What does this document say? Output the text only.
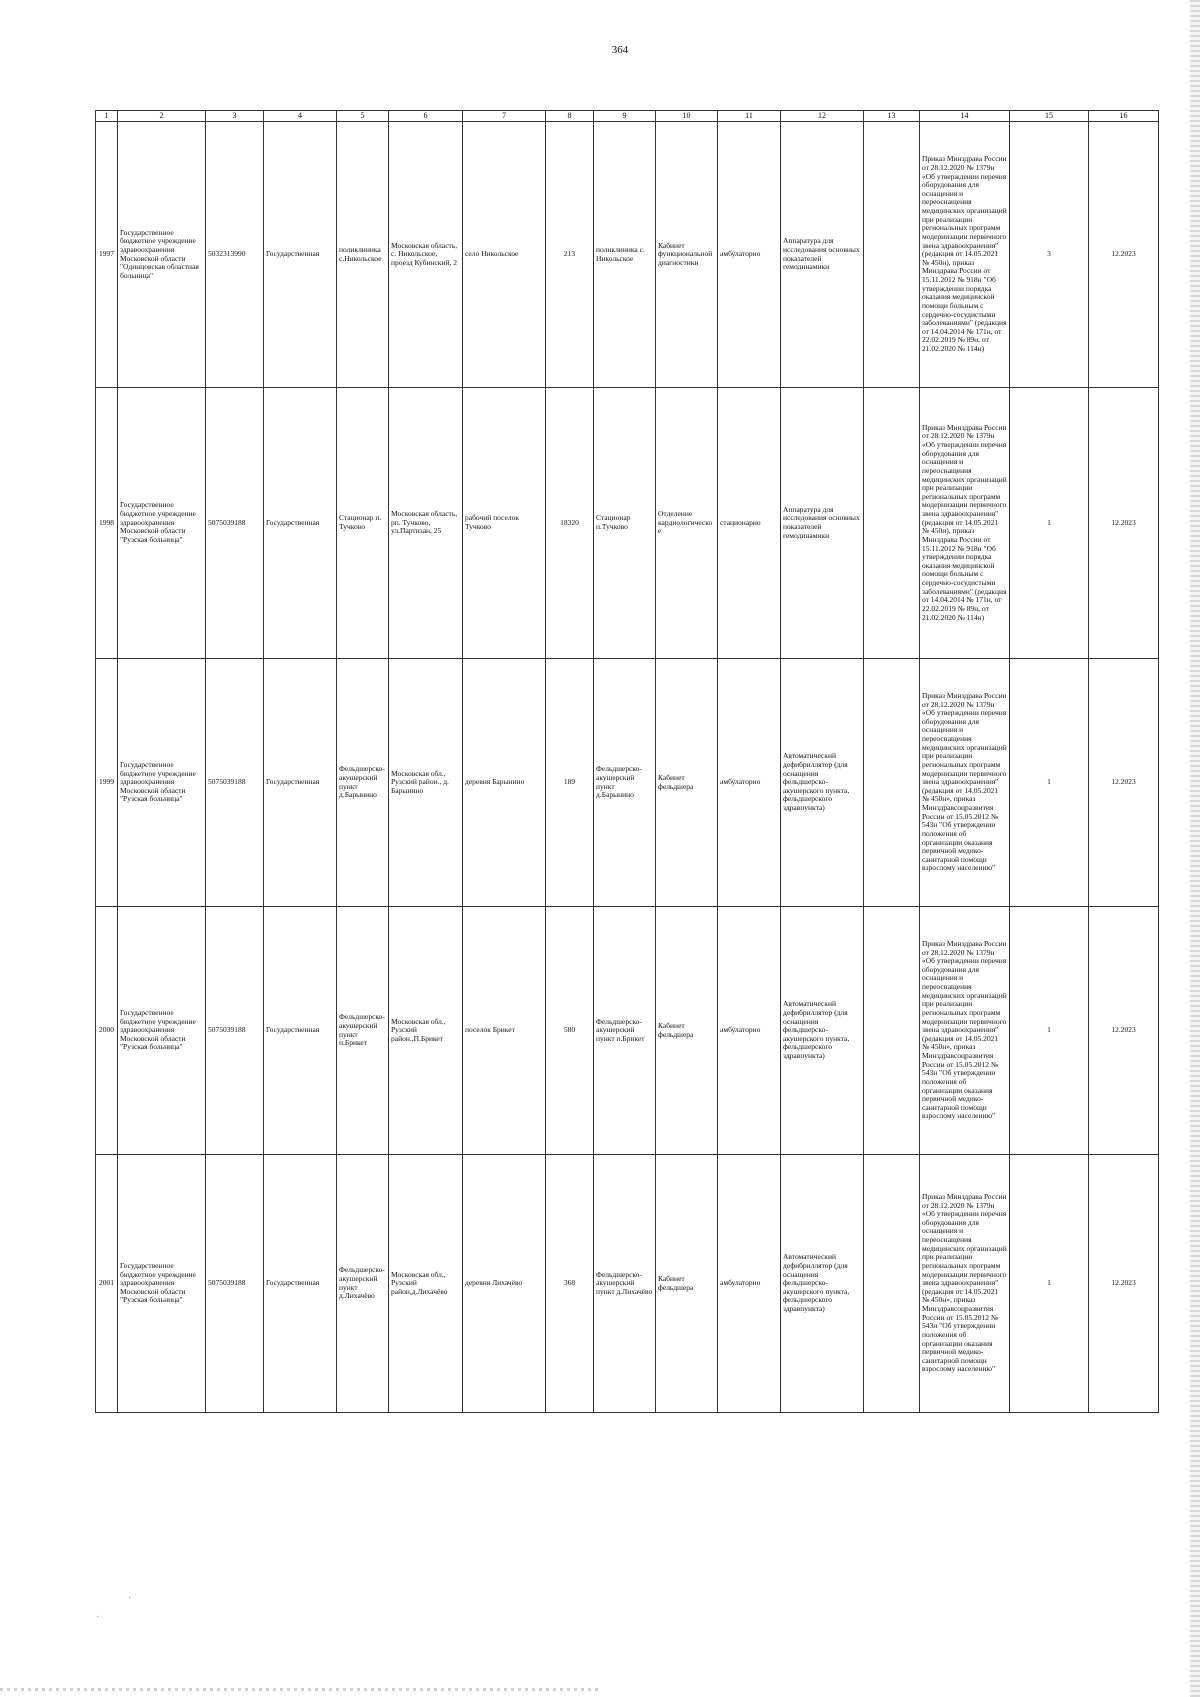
364
1	2	3	4	5	6	7	8	9	10	11	12	13	14	15	16
1997	Государственное бюджетное учреждение здравоохранения Московской области "Одинцовская областная больница"	5032313990	Государственная	поликлиника с.Никольское	Московская область, с. Никольское, проезд Кубинский, 2	село Никольское	213	поликлиника с. Никольское	Кабинет функциональной диагностики	амбулаторно	Аппаратура для исследования основных показателей гемодинамики		Приказ Минздрава России от 28.12.2020 № 1379н «Об утверждении перечня оборудования для оснащения и переоснащения медицинских организаций при реализации региональных программ модернизации первичного звена здравоохранения"(редакция от 14.05.2021 № 450н), приказ Минздрава России от 15.11.2012 № 918н "Об утверждении порядка оказания медицинской помощи больным с сердечно-сосудистыми заболеваниями" (редакция от 14.04.2014 № 171н, от 22.02.2019 № 89н, от 21.02.2020 № 114н)	3	12.2023
1998	Государственное бюджетное учреждение здравоохранения Московской области "Рузская больница"	5075039188	Государственная	Стационар п. Тучково	Московская область, рп. Тучково, ул.Партизан, 25	рабочий поселок Тучково	18320	Стационар п.Тучково	Отделение кардиологическое	стационарно	Аппаратура для исследования основных показателей гемодинамики		Приказ Минздрава России от 28.12.2020 № 1379н «Об утверждении перечня оборудования для оснащения и переоснащения медицинских организаций при реализации региональных программ модернизации первичного звена здравоохранения"(редакция от 14.05.2021 № 450н), приказ Минздрава России от 15.11.2012 № 918н "Об утверждении порядка оказания медицинской помощи больным с сердечно-сосудистыми заболеваниями" (редакция от 14.04.2014 № 171н, от 22.02.2019 № 89н, от 21.02.2020 № 114н)	1	12.2023
1999	Государственное бюджетное учреждение здравоохранения Московской области "Рузская больница"	5075039188	Государственная	Фельдшерско-акушерский пункт д.Барынино	Московская обл., Рузский район., д. Барынино	деревня Барынино	189	Фельдшерско-акушерский пункт д.Барынино	Кабинет фельдшера	амбулаторно	Автоматический дефибриллятор (для оснащения фельдшерско-акушерского пункта, фельдшерского здравпункта)		Приказ Минздрава России от 28.12.2020 № 1379н «Об утверждении перечня оборудования для оснащения и переоснащения медицинских организаций при реализации региональных программ модернизации первичного звена здравоохранения"(редакция от 14.05.2021 № 450н», приказ Минздравсоцразвития России от 15.05.2012 № 543н "Об утверждении положения об организации оказания первичной медико-санитарной помощи взрослому населению"	1	12.2023
2000	Государственное бюджетное учреждение здравоохранения Московской области "Рузская больница"	5075039188	Государственная	Фельдшерско-акушерский пункт п.Брикет	Московская обл., Рузский район.,П.Брикет	поселок Брикет	580	Фельдшерско-акушерский пункт п.Брикет	Кабинет фельдшера	амбулаторно	Автоматический дефибриллятор (для оснащения фельдшерско-акушерского пункта, фельдшерского здравпункта)		Приказ Минздрава России от 28.12.2020 № 1379н «Об утверждении перечня оборудования для оснащения и переоснащения медицинских организаций при реализации региональных программ модернизации первичного звена здравоохранения"(редакция от 14.05.2021 № 450н», приказ Минздравсоцразвития России от 15.05.2012 № 543н "Об утверждении положения об организации оказания первичной медико-санитарной помощи взрослому населению"	1	12.2023
2001	Государственное бюджетное учреждение здравоохранения Московской области "Рузская больница"	5075039188	Государственная	Фельдшерско-акушерский пункт д.Лихачёво	Московская обл., Рузский район,д.Лихачёво	деревня Лихачёво	368	Фельдшерско-акушерский пункт д.Лихачёво	Кабинет фельдшера	амбулаторно	Автоматический дефибриллятор (для оснащения фельдшерско-акушерского пункта, фельдшерского здравпункта)		Приказ Минздрава России от 28.12.2020 № 1379н «Об утверждении перечня оборудования для оснащения и переоснащения медицинских организаций при реализации региональных программ модернизации первичного звена здравоохранения"(редакция от 14.05.2021 № 450н», приказ Минздравсоцразвития России от 15.05.2012 № 543н "Об утверждении положения об организации оказания первичной медико-санитарной помощи взрослому населению"	1	12.2023
·
·
